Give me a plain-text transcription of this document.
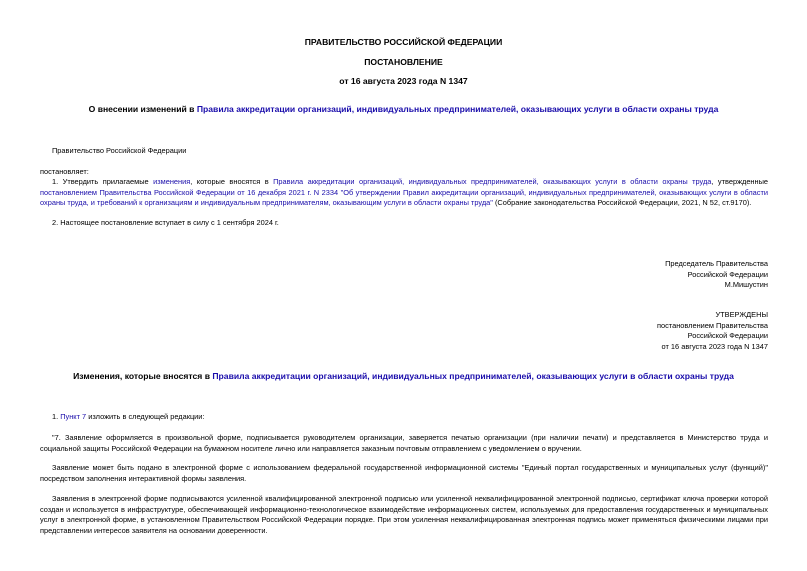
ПРАВИТЕЛЬСТВО РОССИЙСКОЙ ФЕДЕРАЦИИ
ПОСТАНОВЛЕНИЕ
от 16 августа 2023 года N 1347
О внесении изменений в Правила аккредитации организаций, индивидуальных предпринимателей, оказывающих услуги в области охраны труда
Правительство Российской Федерации
постановляет:
1. Утвердить прилагаемые изменения, которые вносятся в Правила аккредитации организаций, индивидуальных предпринимателей, оказывающих услуги в области охраны труда, утвержденные постановлением Правительства Российской Федерации от 16 декабря 2021 г. N 2334 "Об утверждении Правил аккредитации организаций, индивидуальных предпринимателей, оказывающих услуги в области охраны труда, и требований к организациям и индивидуальным предпринимателям, оказывающим услуги в области охраны труда" (Собрание законодательства Российской Федерации, 2021, N 52, ст.9170).
2. Настоящее постановление вступает в силу с 1 сентября 2024 г.
Председатель Правительства
Российской Федерации
М.Мишустин
УТВЕРЖДЕНЫ
постановлением Правительства
Российской Федерации
от 16 августа 2023 года N 1347
Изменения, которые вносятся в Правила аккредитации организаций, индивидуальных предпринимателей, оказывающих услуги в области охраны труда
1. Пункт 7 изложить в следующей редакции:
"7. Заявление оформляется в произвольной форме, подписывается руководителем организации, заверяется печатью организации (при наличии печати) и представляется в Министерство труда и социальной защиты Российской Федерации на бумажном носителе лично или направляется заказным почтовым отправлением с уведомлением о вручении.
Заявление может быть подано в электронной форме с использованием федеральной государственной информационной системы "Единый портал государственных и муниципальных услуг (функций)" посредством заполнения интерактивной формы заявления.
Заявления в электронной форме подписываются усиленной квалифицированной электронной подписью или усиленной неквалифицированной электронной подписью, сертификат ключа проверки которой создан и используется в инфраструктуре, обеспечивающей информационно-технологическое взаимодействие информационных систем, используемых для предоставления государственных и муниципальных услуг в электронной форме, в установленном Правительством Российской Федерации порядке. При этом усиленная неквалифицированная электронная подпись может применяться физическими лицами при представлении интересов заявителя на основании доверенности.
